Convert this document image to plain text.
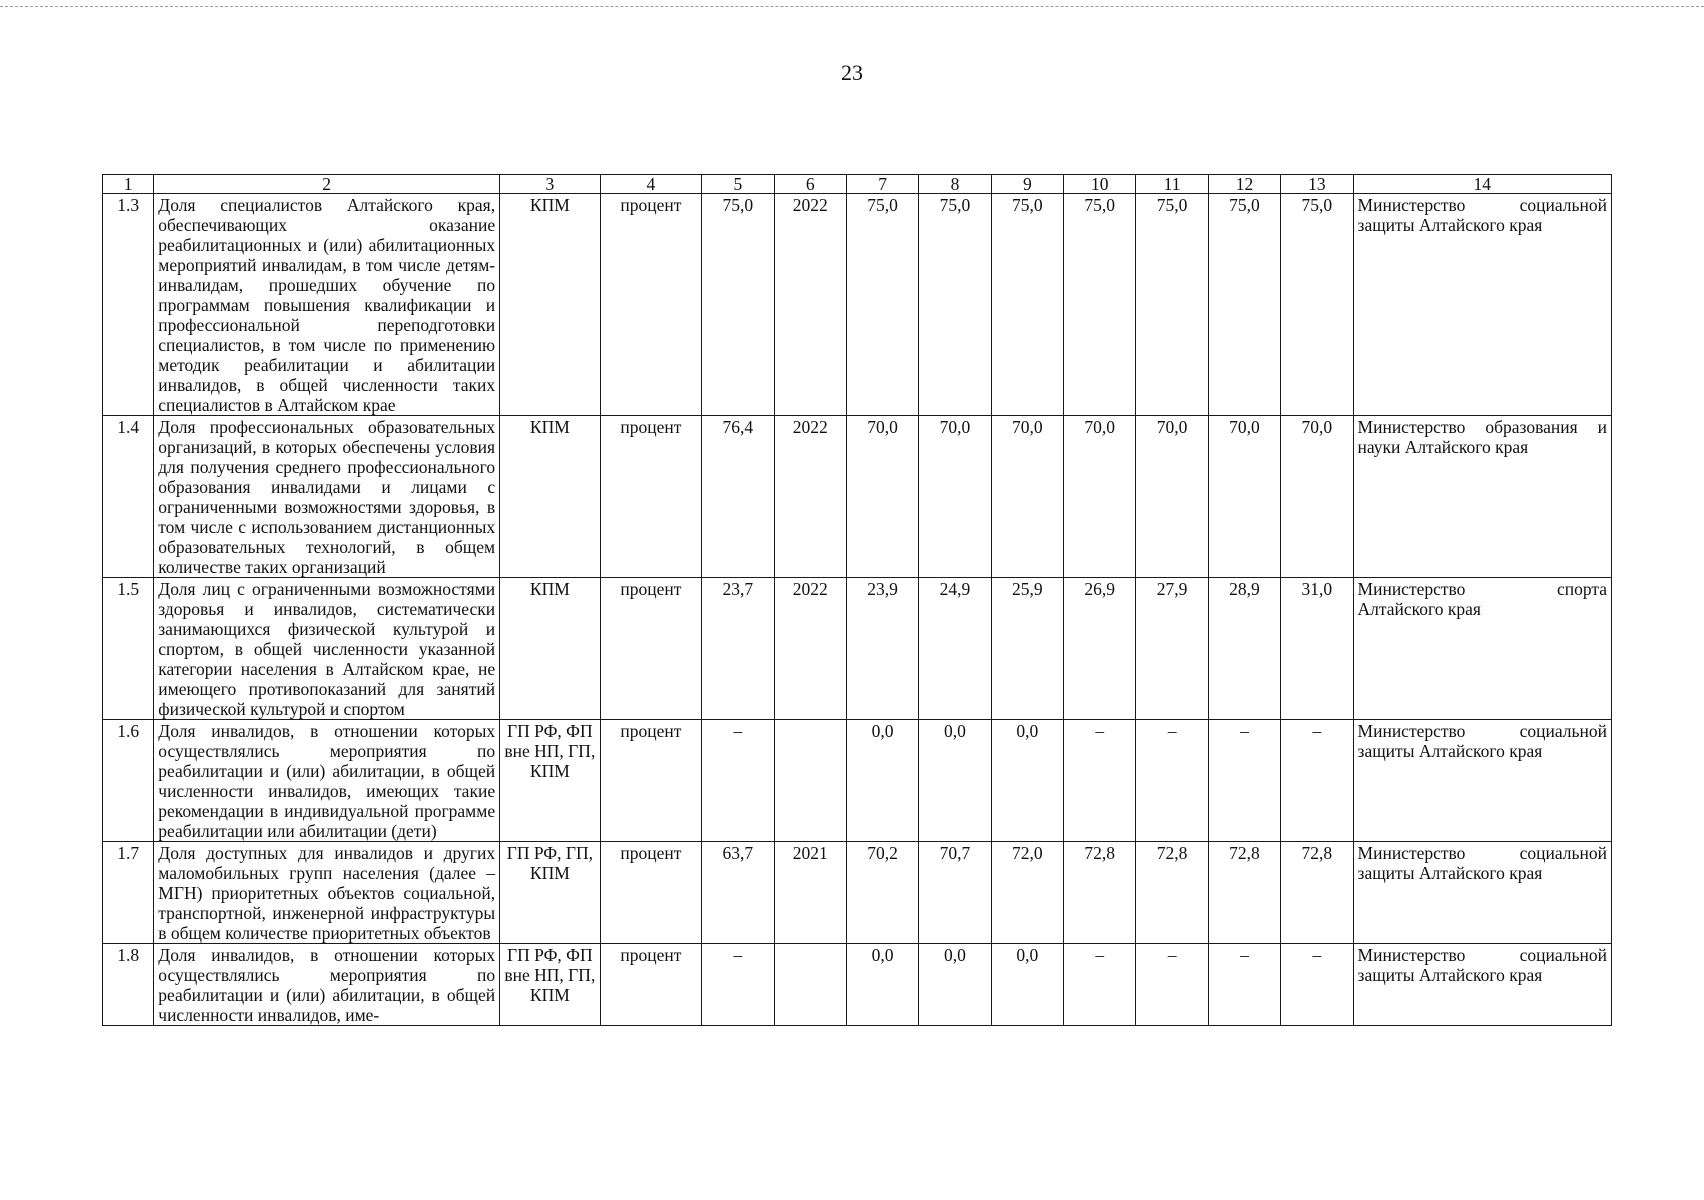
23
1	2	3	4	5	6	7	8	9	10	11	12	13	14
1.3	Доля специалистов Алтайского края, обеспечивающих оказание реабилитационных и (или) абилитационных мероприятий инвалидам, в том числе детям-инвалидам, прошедших обучение по программам повышения квалификации и профессиональной переподготовки специалистов, в том числе по применению методик реабилитации и абилитации инвалидов, в общей численности таких специалистов в Алтайском крае	КПМ	процент	75,0	2022	75,0	75,0	75,0	75,0	75,0	75,0	75,0	Министерство социальной защиты Алтайского края
1.4	Доля профессиональных образовательных организаций, в которых обеспечены условия для получения среднего профессионального образования инвалидами и лицами с ограниченными возможностями здоровья, в том числе с использованием дистанционных образовательных технологий, в общем количестве таких организаций	КПМ	процент	76,4	2022	70,0	70,0	70,0	70,0	70,0	70,0	70,0	Министерство образования и науки Алтайского края
1.5	Доля лиц с ограниченными возможностями здоровья и инвалидов, систематически занимающихся физической культурой и спортом, в общей численности указанной категории населения в Алтайском крае, не имеющего противопоказаний для занятий физической культурой и спортом	КПМ	процент	23,7	2022	23,9	24,9	25,9	26,9	27,9	28,9	31,0	Министерство спорта Алтайского края
1.6	Доля инвалидов, в отношении которых осуществлялись мероприятия по реабилитации и (или) абилитации, в общей численности инвалидов, имеющих такие рекомендации в индивидуальной программе реабилитации или абилитации (дети)	ГП РФ, ФП вне НП, ГП, КПМ	процент	–		0,0	0,0	0,0	–	–	–	–	Министерство социальной защиты Алтайского края
1.7	Доля доступных для инвалидов и других маломобильных групп населения (далее – МГН) приоритетных объектов социальной, транспортной, инженерной инфраструктуры в общем количестве приоритетных объектов	ГП РФ, ГП, КПМ	процент	63,7	2021	70,2	70,7	72,0	72,8	72,8	72,8	72,8	Министерство социальной защиты Алтайского края
1.8	Доля инвалидов, в отношении которых осуществлялись мероприятия по реабилитации и (или) абилитации, в общей численности инвалидов, име-	ГП РФ, ФП вне НП, ГП, КПМ	процент	–		0,0	0,0	0,0	–	–	–	–	Министерство социальной защиты Алтайского края
